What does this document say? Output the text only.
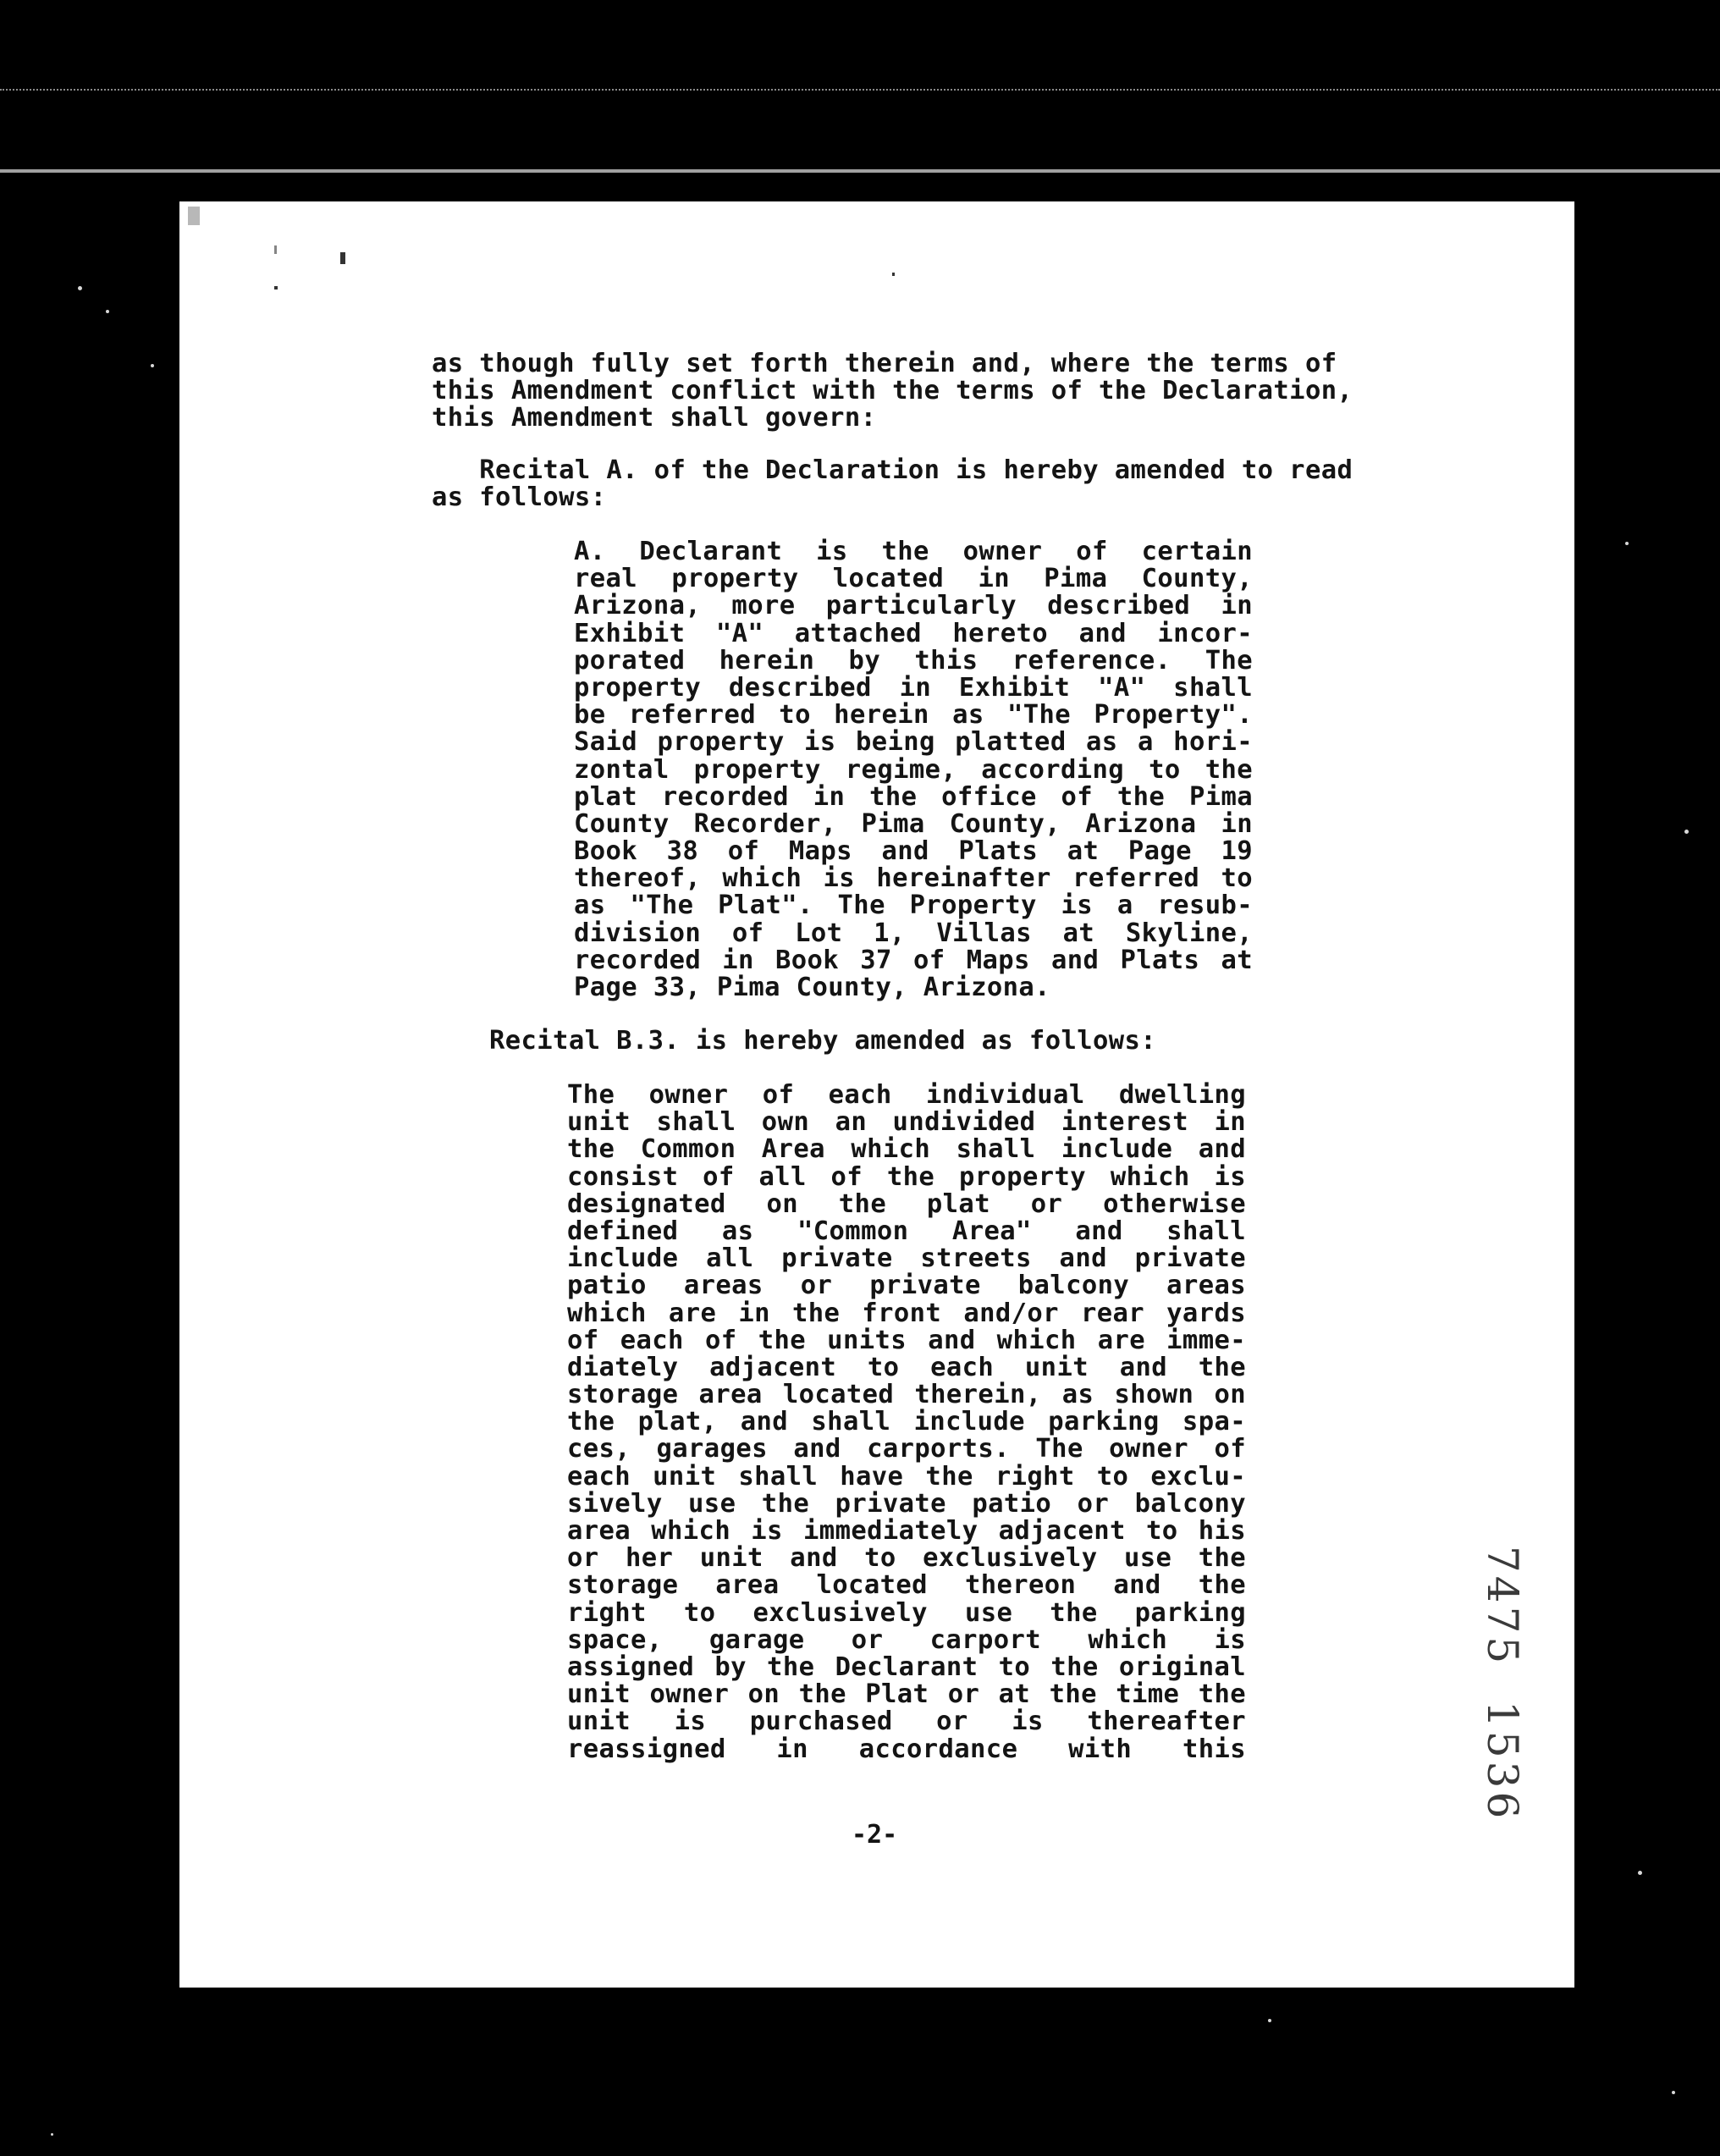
as though fully set forth therein and, where the terms of
this Amendment conflict with the terms of the Declaration,
this Amendment shall govern:
Recital A. of the Declaration is hereby amended to read
as follows:
A. Declarant is the owner of certain
real property located in Pima County,
Arizona, more particularly described in
Exhibit "A" attached hereto and incor-
porated herein by this reference. The
property described in Exhibit "A" shall
be referred to herein as "The Property".
Said property is being platted as a hori-
zontal property regime, according to the
plat recorded in the office of the Pima
County Recorder, Pima County, Arizona in
Book 38 of Maps and Plats at Page 19
thereof, which is hereinafter referred to
as "The Plat". The Property is a resub-
division of Lot 1, Villas at Skyline,
recorded in Book 37 of Maps and Plats at
Page 33, Pima County, Arizona.
Recital B.3. is hereby amended as follows:
The owner of each individual dwelling
unit shall own an undivided interest in
the Common Area which shall include and
consist of all of the property which is
designated on the plat or otherwise
defined as "Common Area" and shall
include all private streets and private
patio areas or private balcony areas
which are in the front and/or rear yards
of each of the units and which are imme-
diately adjacent to each unit and the
storage area located therein, as shown on
the plat, and shall include parking spa-
ces, garages and carports. The owner of
each unit shall have the right to exclu-
sively use the private patio or balcony
area which is immediately adjacent to his
or her unit and to exclusively use the
storage area located thereon and the
right to exclusively use the parking
space, garage or carport which is
assigned by the Declarant to the original
unit owner on the Plat or at the time the
unit is purchased or is thereafter
reassigned in accordance with this
-2-
7475  1536
